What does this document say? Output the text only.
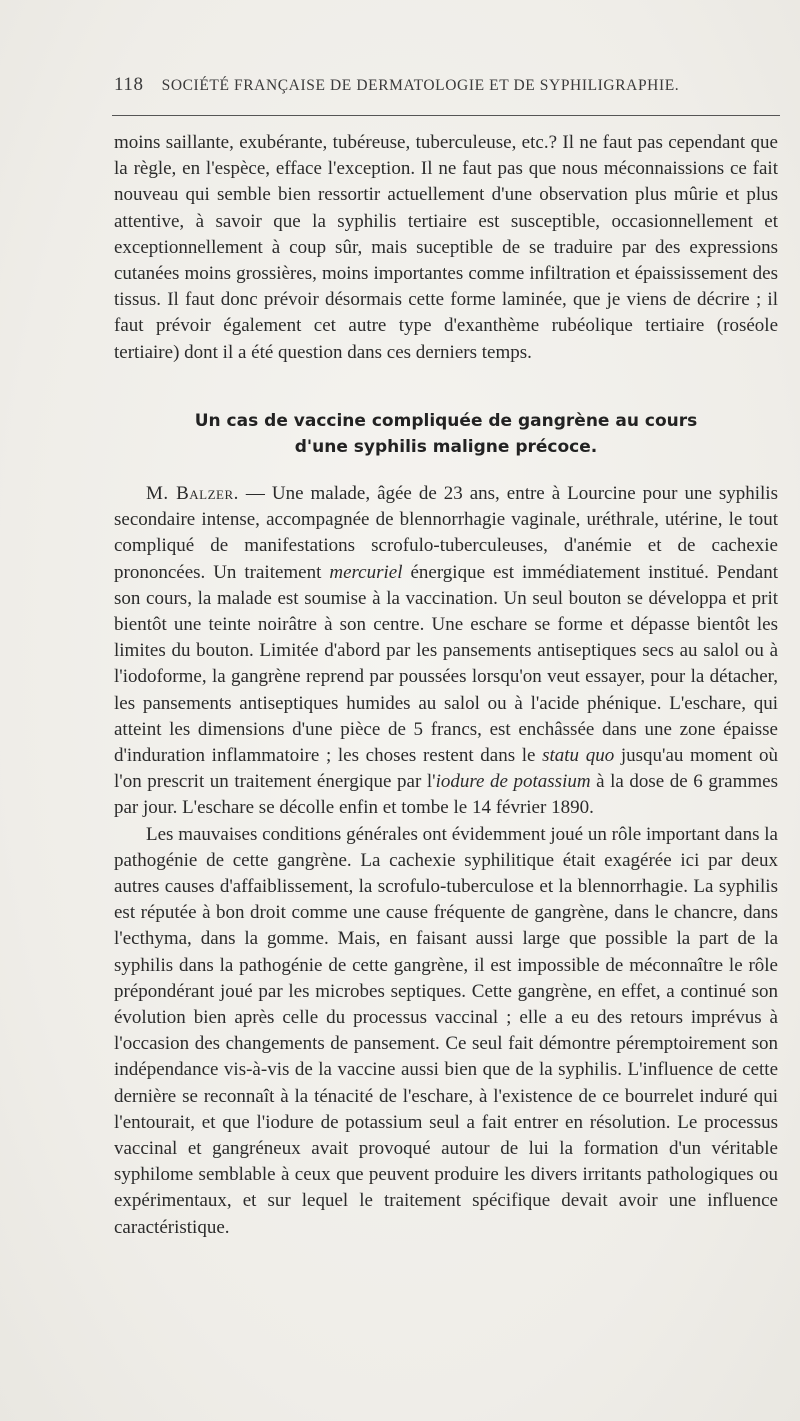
118 SOCIÉTÉ FRANÇAISE DE DERMATOLOGIE ET DE SYPHILIGRAPHIE.

moins saillante, exubérante, tubéreuse, tuberculeuse, etc.? Il ne faut pas cependant que la règle, en l'espèce, efface l'exception. Il ne faut pas que nous méconnaissions ce fait nouveau qui semble bien ressortir actuellement d'une observation plus mûrie et plus attentive, à savoir que la syphilis tertiaire est susceptible, occasionnellement et exceptionnellement à coup sûr, mais suceptible de se traduire par des expressions cutanées moins grossières, moins importantes comme infiltration et épaississement des tissus. Il faut donc prévoir désormais cette forme laminée, que je viens de décrire ; il faut prévoir également cet autre type d'exanthème rubéolique tertiaire (roséole tertiaire) dont il a été question dans ces derniers temps.

Un cas de vaccine compliquée de gangrène au cours
d'une syphilis maligne précoce.

M. Balzer. — Une malade, âgée de 23 ans, entre à Lourcine pour une syphilis secondaire intense, accompagnée de blennorrhagie vaginale, uréthrale, utérine, le tout compliqué de manifestations scrofulo-tuberculeuses, d'anémie et de cachexie prononcées. Un traitement mercuriel énergique est immédiatement institué. Pendant son cours, la malade est soumise à la vaccination. Un seul bouton se développa et prit bientôt une teinte noirâtre à son centre. Une eschare se forme et dépasse bientôt les limites du bouton. Limitée d'abord par les pansements antiseptiques secs au salol ou à l'iodoforme, la gangrène reprend par poussées lorsqu'on veut essayer, pour la détacher, les pansements antiseptiques humides au salol ou à l'acide phénique. L'eschare, qui atteint les dimensions d'une pièce de 5 francs, est enchâssée dans une zone épaisse d'induration inflammatoire ; les choses restent dans le statu quo jusqu'au moment où l'on prescrit un traitement énergique par l'iodure de potassium à la dose de 6 grammes par jour. L'eschare se décolle enfin et tombe le 14 février 1890.

Les mauvaises conditions générales ont évidemment joué un rôle important dans la pathogénie de cette gangrène. La cachexie syphilitique était exagérée ici par deux autres causes d'affaiblissement, la scrofulo-tuberculose et la blennorrhagie. La syphilis est réputée à bon droit comme une cause fréquente de gangrène, dans le chancre, dans l'ecthyma, dans la gomme. Mais, en faisant aussi large que possible la part de la syphilis dans la pathogénie de cette gangrène, il est impossible de méconnaître le rôle prépondérant joué par les microbes septiques. Cette gangrène, en effet, a continué son évolution bien après celle du processus vaccinal ; elle a eu des retours imprévus à l'occasion des changements de pansement. Ce seul fait démontre péremptoirement son indépendance vis-à-vis de la vaccine aussi bien que de la syphilis. L'influence de cette dernière se reconnaît à la ténacité de l'eschare, à l'existence de ce bourrelet induré qui l'entourait, et que l'iodure de potassium seul a fait entrer en résolution. Le processus vaccinal et gangréneux avait provoqué autour de lui la formation d'un véritable syphilome semblable à ceux que peuvent produire les divers irritants pathologiques ou expérimentaux, et sur lequel le traitement spécifique devait avoir une influence caractéristique.
